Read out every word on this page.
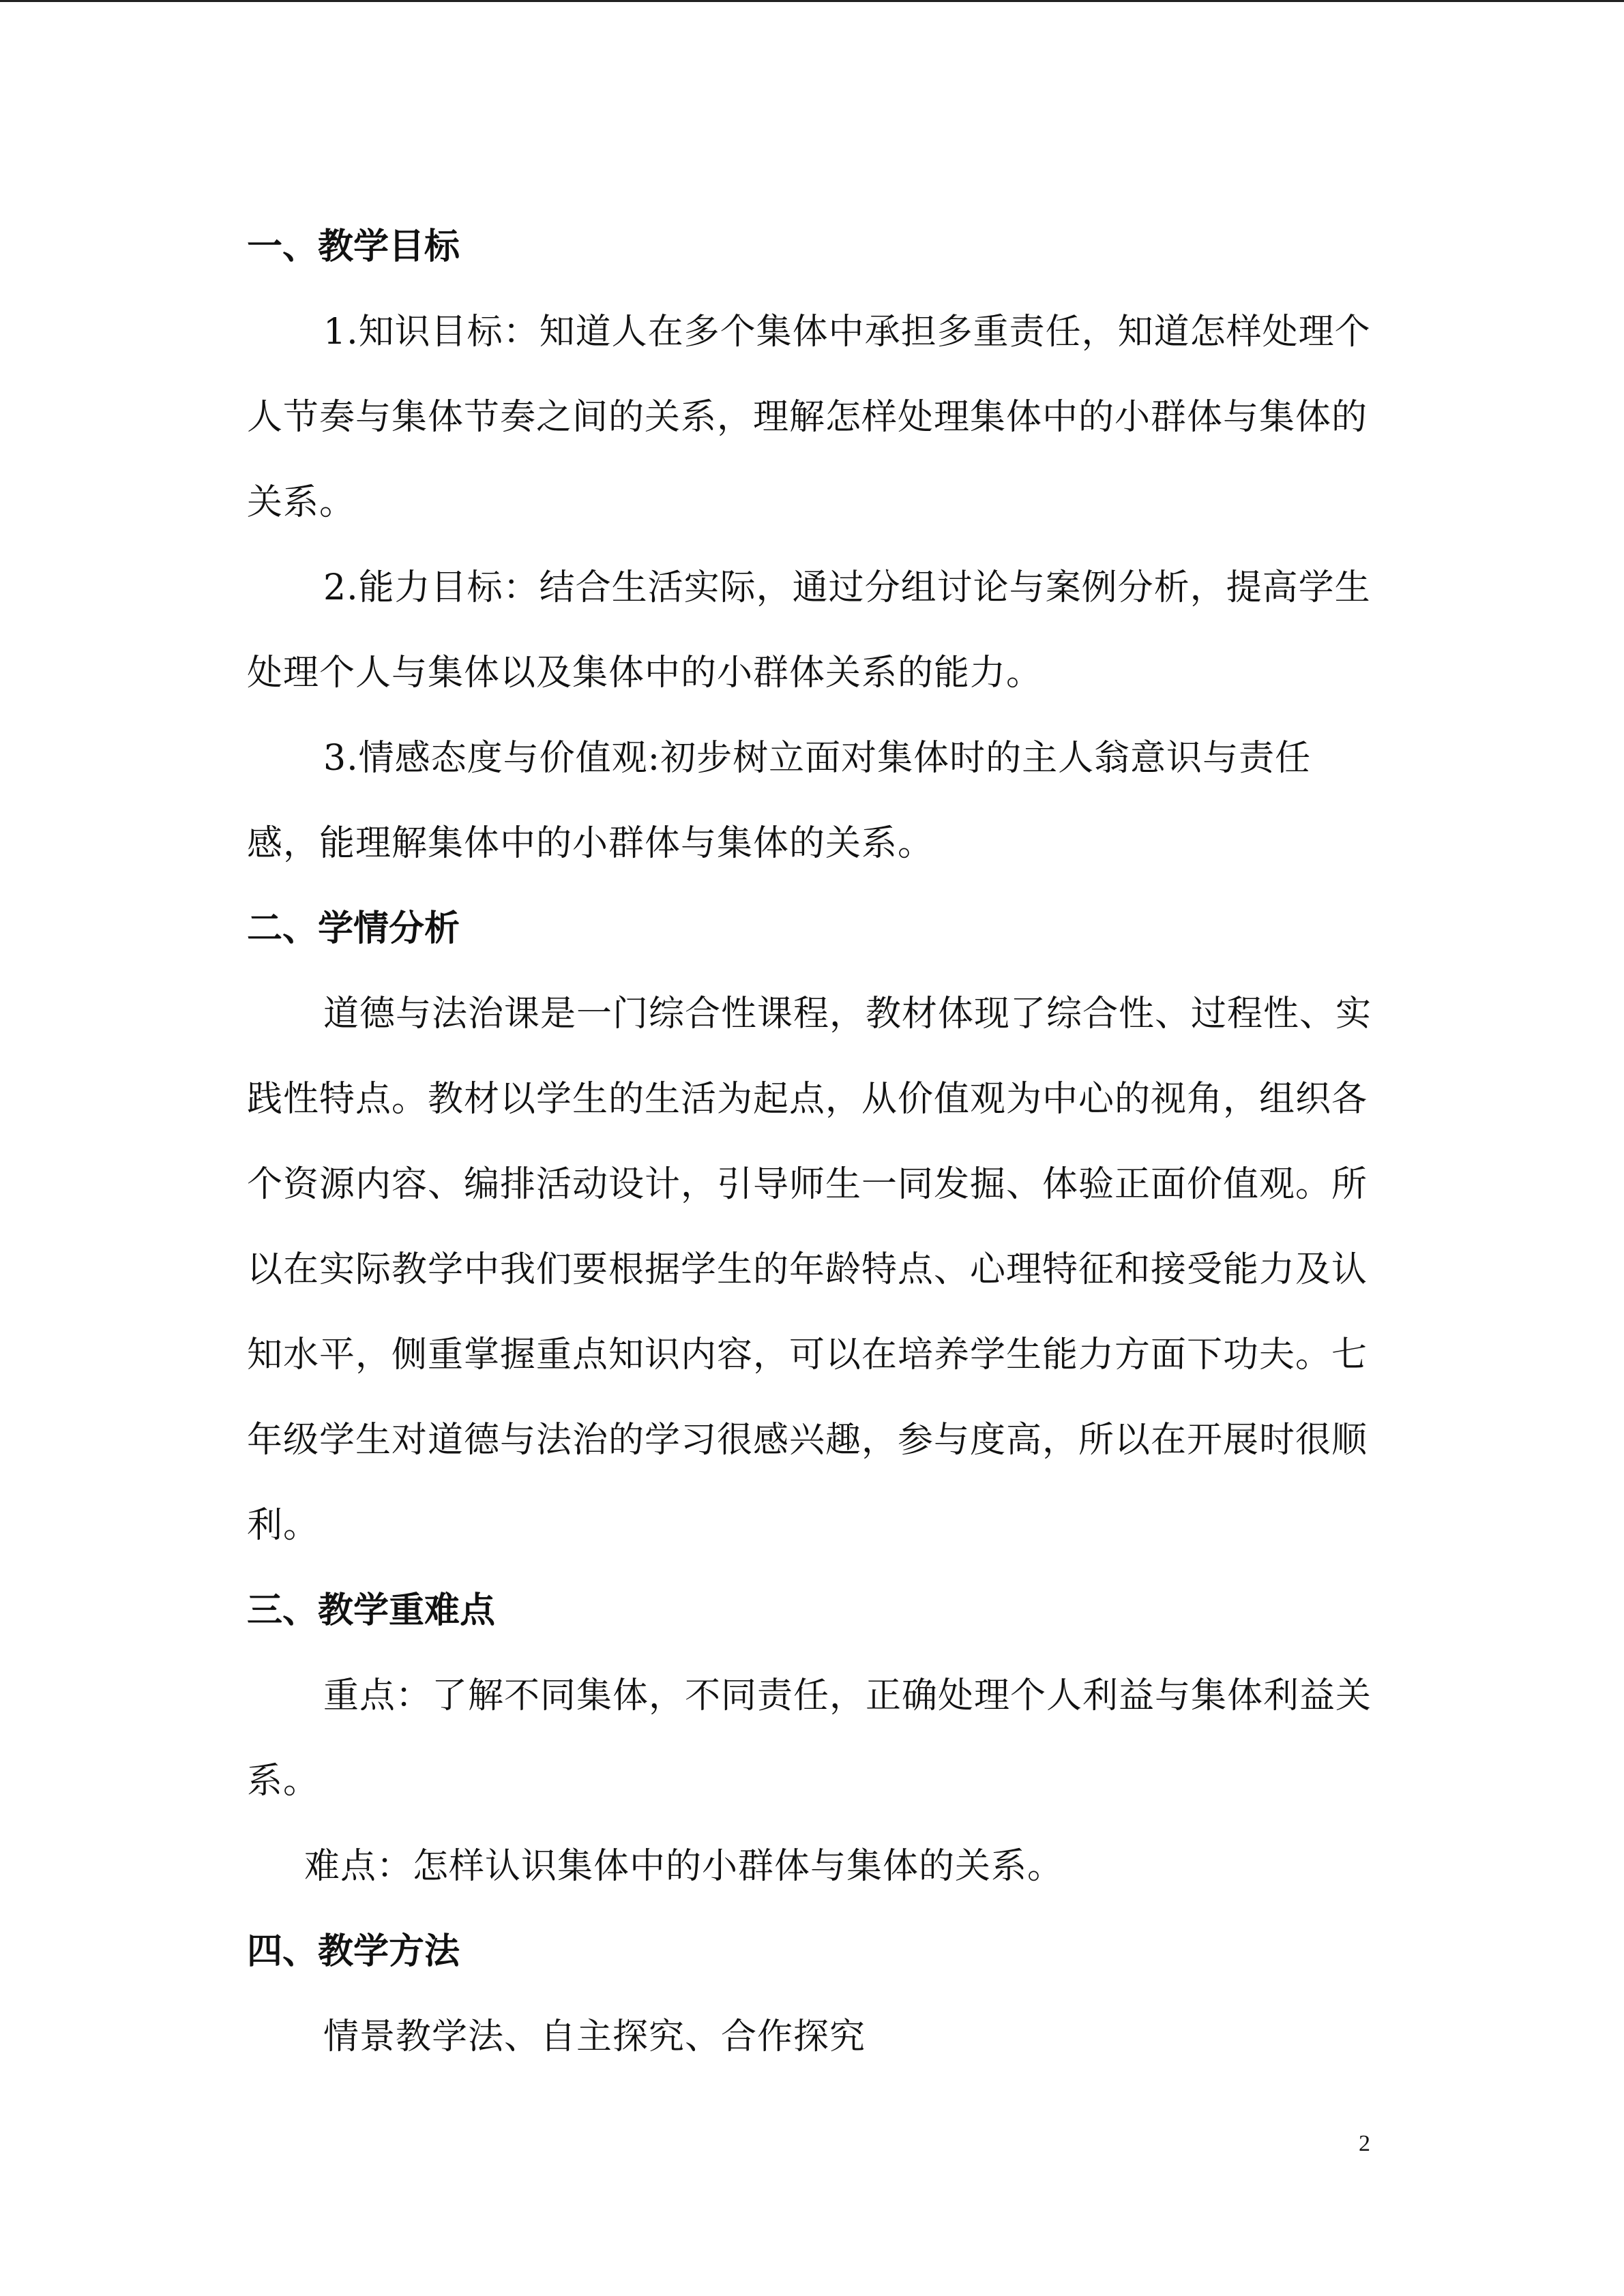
一、教学目标

1.知识目标：知道人在多个集体中承担多重责任，知道怎样处理个人节奏与集体节奏之间的关系，理解怎样处理集体中的小群体与集体的关系。

2.能力目标：结合生活实际，通过分组讨论与案例分析，提高学生处理个人与集体以及集体中的小群体关系的能力。

3.情感态度与价值观:初步树立面对集体时的主人翁意识与责任感，能理解集体中的小群体与集体的关系。

二、学情分析

道德与法治课是一门综合性课程，教材体现了综合性、过程性、实践性特点。教材以学生的生活为起点，从价值观为中心的视角，组织各个资源内容、编排活动设计，引导师生一同发掘、体验正面价值观。所以在实际教学中我们要根据学生的年龄特点、心理特征和接受能力及认知水平，侧重掌握重点知识内容，可以在培养学生能力方面下功夫。七年级学生对道德与法治的学习很感兴趣，参与度高，所以在开展时很顺利。

三、教学重难点

重点：了解不同集体，不同责任，正确处理个人利益与集体利益关系。

难点：怎样认识集体中的小群体与集体的关系。

四、教学方法

情景教学法、自主探究、合作探究

2
